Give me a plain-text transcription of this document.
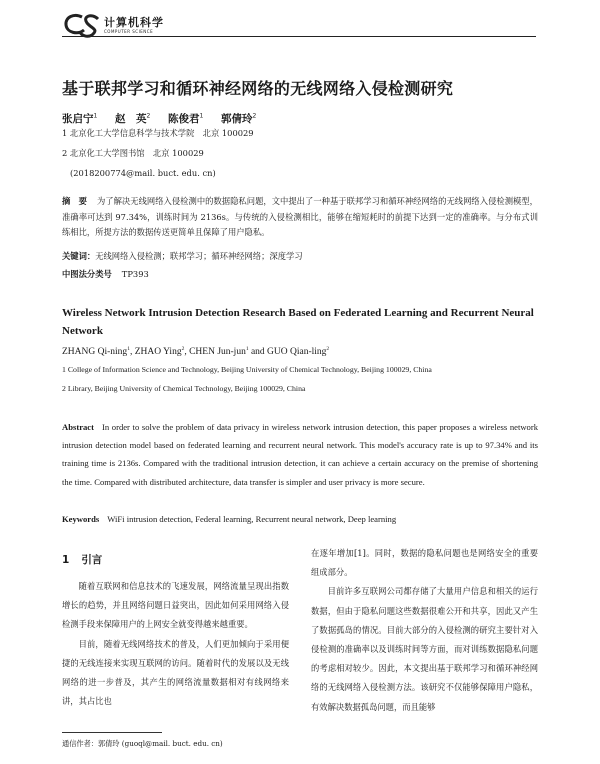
计算机科学
COMPUTER SCIENCE
基于联邦学习和循环神经网络的无线网络入侵检测研究
张启宁$^1$ 赵　英$^2$ 陈俊君$^1$ 郭倩玲$^2$
1 北京化工大学信息科学与技术学院　北京 100029
2 北京化工大学图书馆　北京 100029
(2018200774@mail. buct. edu. cn)
摘　要 为了解决无线网络入侵检测中的数据隐私问题，文中提出了一种基于联邦学习和循环神经网络的无线网络入侵检测模型，准确率可达到 97.34%，训练时间为 2136s。与传统的入侵检测相比，能够在缩短耗时的前提下达到一定的准确率。与分布式训练相比，所提方法的数据传送更简单且保障了用户隐私。
关键词：无线网络入侵检测；联邦学习；循环神经网络；深度学习
中图法分类号 TP393
Wireless Network Intrusion Detection Research Based on Federated Learning and Recurrent Neural Network
ZHANG Qi-ning$^1$, ZHAO Ying$^2$, CHEN Jun-jun$^1$ and GUO Qian-ling$^2$
1 College of Information Science and Technology, Beijing University of Chemical Technology, Beijing 100029, China
2 Library, Beijing University of Chemical Technology, Beijing 100029, China
Abstract In order to solve the problem of data privacy in wireless network intrusion detection, this paper proposes a wireless network intrusion detection model based on federated learning and recurrent neural network. This model's accuracy rate is up to 97.34% and its training time is 2136s. Compared with the traditional intrusion detection, it can achieve a certain accuracy on the premise of shortening the time. Compared with distributed architecture, data transfer is simpler and user privacy is more secure.
Keywords WiFi intrusion detection, Federal learning, Recurrent neural network, Deep learning
1 引言

随着互联网和信息技术的飞速发展，网络流量呈现出指数增长的趋势，并且网络问题日益突出，因此如何采用网络入侵检测手段来保障用户的上网安全就变得越来越重要。

目前，随着无线网络技术的普及，人们更加倾向于采用便捷的无线连接来实现互联网的访问。随着时代的发展以及无线网络的进一步普及，其产生的网络流量数据相对有线网络来讲，其占比也

在逐年增加[1]。同时，数据的隐私问题也是网络安全的重要组成部分。

目前许多互联网公司都存储了大量用户信息和相关的运行数据，但由于隐私问题这些数据很难公开和共享，因此又产生了数据孤岛的情况。目前大部分的入侵检测的研究主要针对入侵检测的准确率以及训练时间等方面，而对训练数据隐私问题的考虑相对较少。因此，本文提出基于联邦学习和循环神经网络的无线网络入侵检测方法。该研究不仅能够保障用户隐私，有效解决数据孤岛问题，而且能够

通信作者：郭倩玲 (guoql@mail. buct. edu. cn)
